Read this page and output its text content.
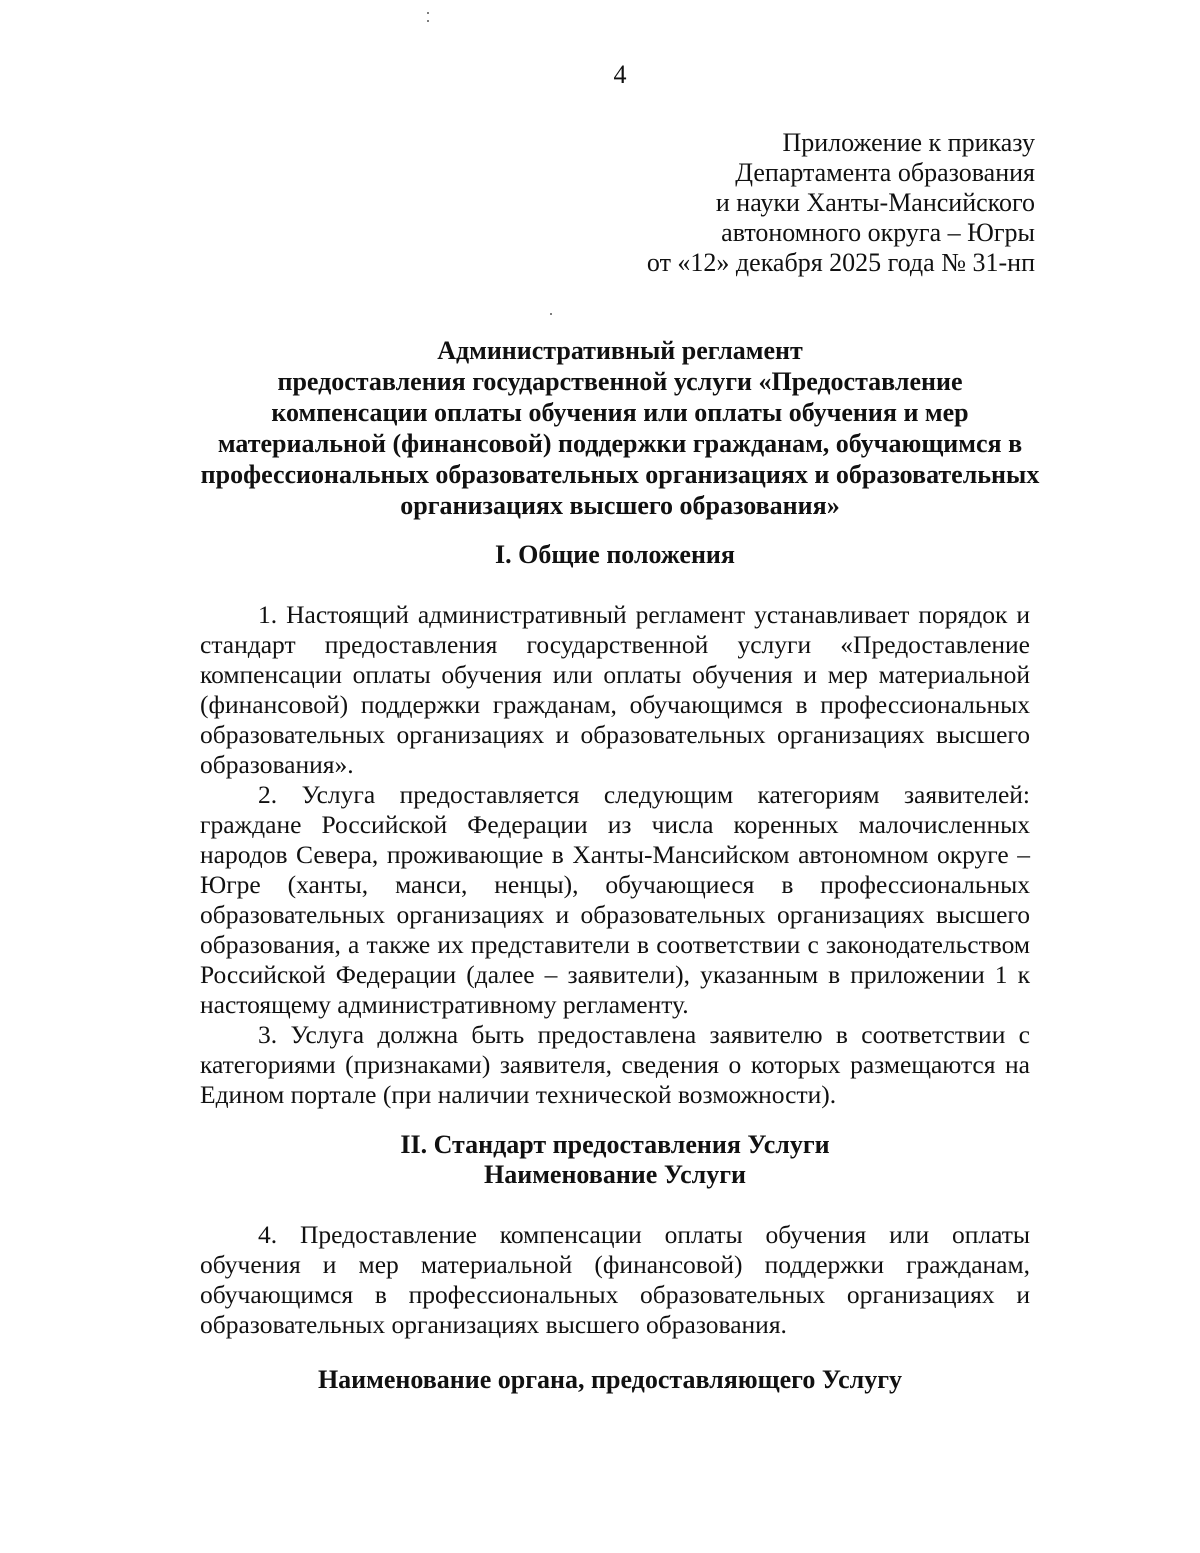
4
Приложение к приказу
Департамента образования
и науки Ханты-Мансийского
автономного округа – Югры
от «12» декабря 2025 года № 31-нп
Административный регламент
предоставления государственной услуги «Предоставление
компенсации оплаты обучения или оплаты обучения и мер
материальной (финансовой) поддержки гражданам, обучающимся в
профессиональных образовательных организациях и образовательных
организациях высшего образования»
I. Общие положения

1. Настоящий административный регламент устанавливает порядок и стандарт предоставления государственной услуги «Предоставление компенсации оплаты обучения или оплаты обучения и мер материальной (финансовой) поддержки гражданам, обучающимся в профессиональных образовательных организациях и образовательных организациях высшего образования».

2. Услуга предоставляется следующим категориям заявителей: граждане Российской Федерации из числа коренных малочисленных народов Севера, проживающие в Ханты-Мансийском автономном округе – Югре (ханты, манси, ненцы), обучающиеся в профессиональных образовательных организациях и образовательных организациях высшего образования, а также их представители в соответствии с законодательством Российской Федерации (далее – заявители), указанным в приложении 1 к настоящему административному регламенту.

3. Услуга должна быть предоставлена заявителю в соответствии с категориями (признаками) заявителя, сведения о которых размещаются на Едином портале (при наличии технической возможности).

II. Стандарт предоставления Услуги
Наименование Услуги

4. Предоставление компенсации оплаты обучения или оплаты обучения и мер материальной (финансовой) поддержки гражданам, обучающимся в профессиональных образовательных организациях и образовательных организациях высшего образования.

Наименование органа, предоставляющего Услугу
